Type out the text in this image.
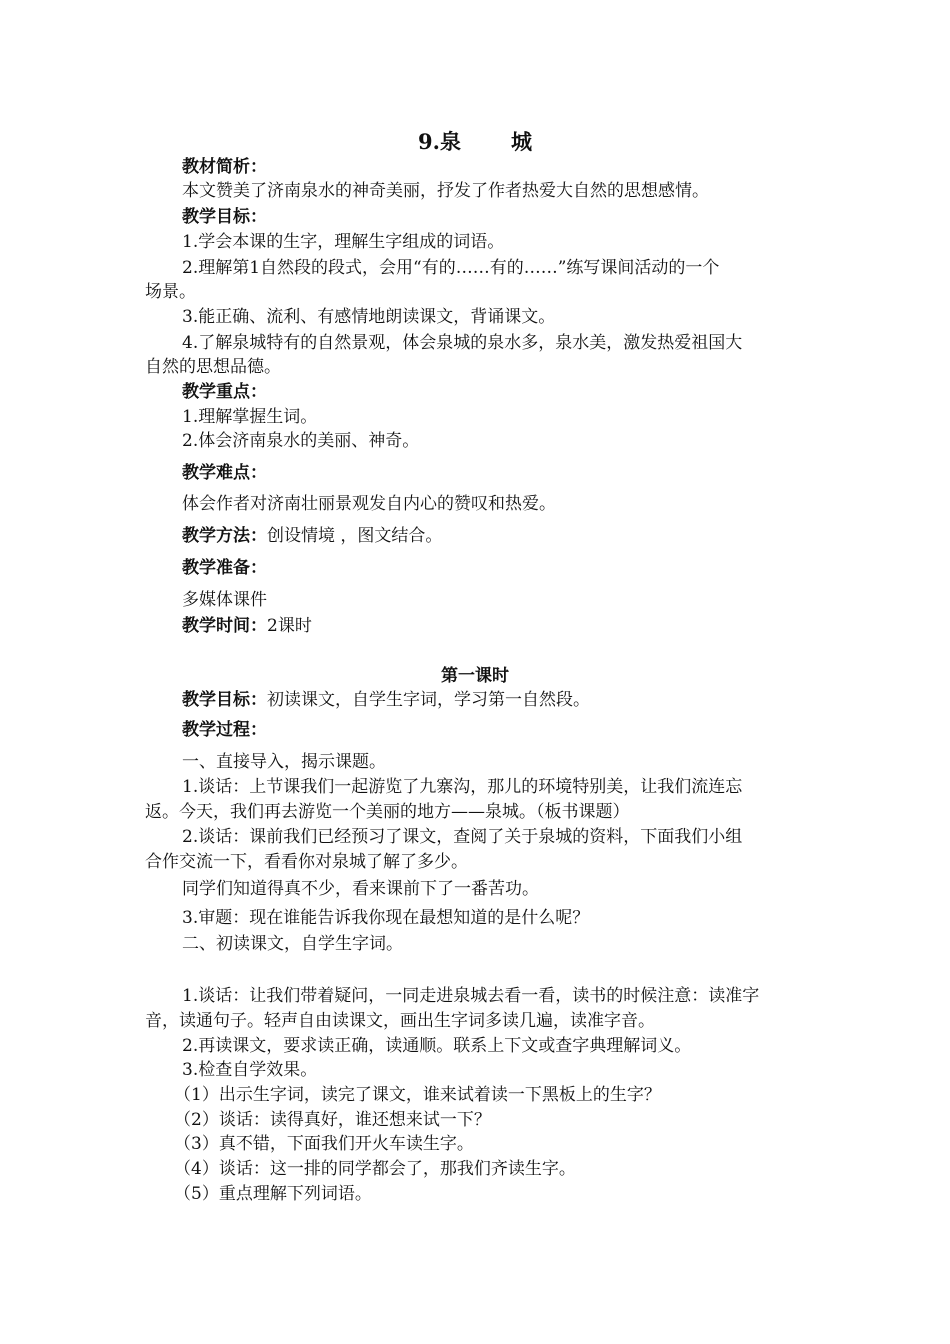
9.泉 城
教材简析：
本文赞美了济南泉水的神奇美丽，抒发了作者热爱大自然的思想感情。
教学目标：
1.学会本课的生字，理解生字组成的词语。
2.理解第1自然段的段式，会用“有的……有的……”练写课间活动的一个
场景。
3.能正确、流利、有感情地朗读课文，背诵课文。
4.了解泉城特有的自然景观，体会泉城的泉水多，泉水美，激发热爱祖国大
自然的思想品德。
教学重点：
1.理解掌握生词。
2.体会济南泉水的美丽、神奇。
教学难点：
体会作者对济南壮丽景观发自内心的赞叹和热爱。
教学方法：创设情境 ，图文结合。
教学准备：
多媒体课件
教学时间：2课时
第一课时
教学目标：初读课文，自学生字词，学习第一自然段。
教学过程：
一、直接导入，揭示课题。
1.谈话：上节课我们一起游览了九寨沟，那儿的环境特别美，让我们流连忘
返。今天，我们再去游览一个美丽的地方——泉城。（板书课题）
2.谈话：课前我们已经预习了课文，查阅了关于泉城的资料，下面我们小组
合作交流一下，看看你对泉城了解了多少。
同学们知道得真不少，看来课前下了一番苦功。
3.审题：现在谁能告诉我你现在最想知道的是什么呢？
二、初读课文，自学生字词。
1.谈话：让我们带着疑问，一同走进泉城去看一看，读书的时候注意：读准字
音，读通句子。轻声自由读课文，画出生字词多读几遍，读准字音。
2.再读课文，要求读正确，读通顺。联系上下文或查字典理解词义。
3.检查自学效果。
（1）出示生字词，读完了课文，谁来试着读一下黑板上的生字？
（2）谈话：读得真好，谁还想来试一下？
（3）真不错，下面我们开火车读生字。
（4）谈话：这一排的同学都会了，那我们齐读生字。
（5）重点理解下列词语。
